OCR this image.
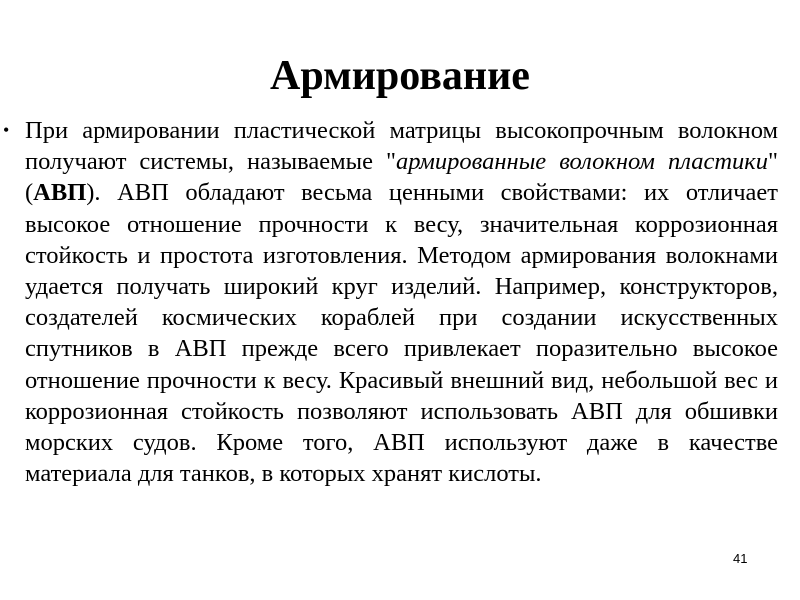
Армирование
• При армировании пластической матрицы высокопрочным волокном получают системы, называемые "армированные волокном пластики" (АВП). АВП обладают весьма ценными свойствами: их отличает высокое отношение прочности к весу, значительная коррозионная стойкость и простота изготовления. Методом армирования волокнами удается получать широкий круг изделий. Например, конструкторов, создателей космических кораблей при создании искусственных спутников в АВП прежде всего привлекает поразительно высокое отношение прочности к весу. Красивый внешний вид, небольшой вес и коррозионная стойкость позволяют использовать АВП для обшивки морских судов. Кроме того, АВП используют даже в качестве материала для танков, в которых хранят кислоты.

41
